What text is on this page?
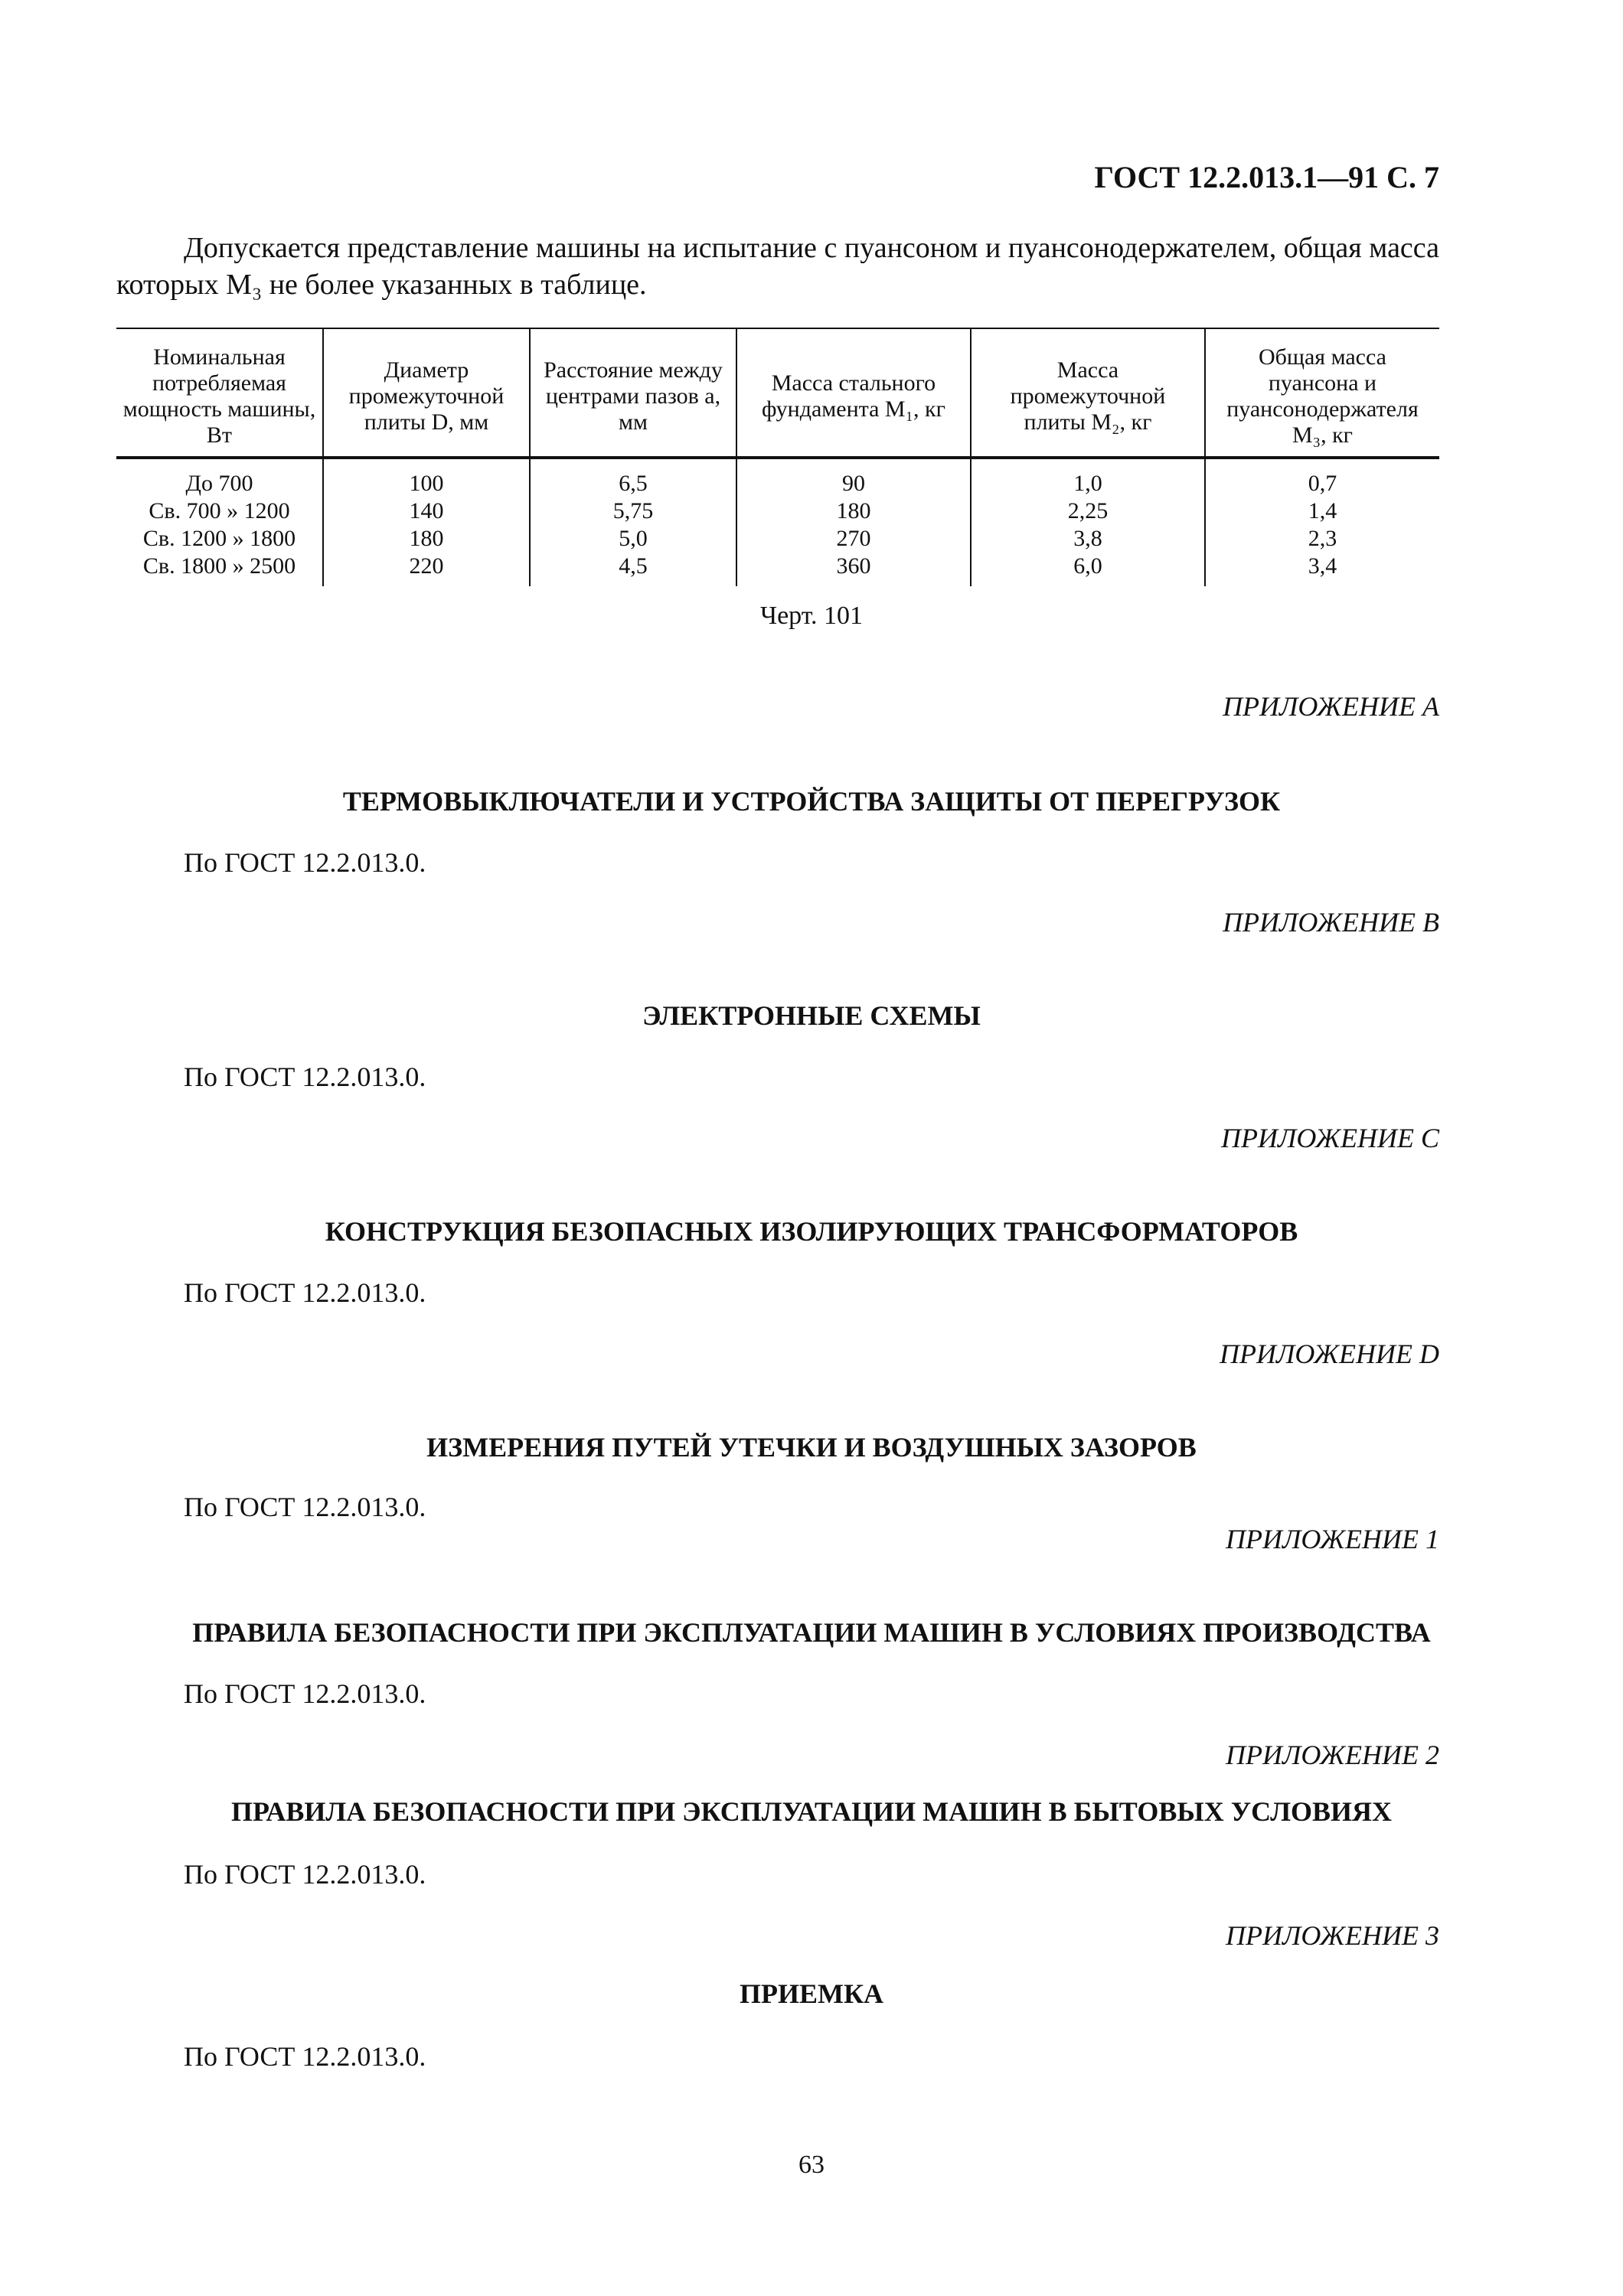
ГОСТ 12.2.013.1—91 С. 7

Допускается представление машины на испытание с пуансоном и пуансонодержателем, общая масса которых M₃ не более указанных в таблице.

Номинальная потребляемая мощность машины, Вт	Диаметр промежуточной плиты D, мм	Расстояние между центрами пазов a, мм	Масса стального фундамента M₁, кг	Масса промежуточной плиты M₂, кг	Общая масса пуансона и пуансонодержателя M₃, кг
До 700	100	6,5	90	1,0	0,7
Св. 700 » 1200	140	5,75	180	2,25	1,4
Св. 1200 » 1800	180	5,0	270	3,8	2,3
Св. 1800 » 2500	220	4,5	360	6,0	3,4
Черт. 101
ПРИЛОЖЕНИЕ A
ТЕРМОВЫКЛЮЧАТЕЛИ И УСТРОЙСТВА ЗАЩИТЫ ОТ ПЕРЕГРУЗОК
По ГОСТ 12.2.013.0.
ПРИЛОЖЕНИЕ B
ЭЛЕКТРОННЫЕ СХЕМЫ
По ГОСТ 12.2.013.0.
ПРИЛОЖЕНИЕ C
КОНСТРУКЦИЯ БЕЗОПАСНЫХ ИЗОЛИРУЮЩИХ ТРАНСФОРМАТОРОВ
По ГОСТ 12.2.013.0.
ПРИЛОЖЕНИЕ D
ИЗМЕРЕНИЯ ПУТЕЙ УТЕЧКИ И ВОЗДУШНЫХ ЗАЗОРОВ
По ГОСТ 12.2.013.0.
ПРИЛОЖЕНИЕ 1
ПРАВИЛА БЕЗОПАСНОСТИ ПРИ ЭКСПЛУАТАЦИИ МАШИН В УСЛОВИЯХ ПРОИЗВОДСТВА
По ГОСТ 12.2.013.0.
ПРИЛОЖЕНИЕ 2
ПРАВИЛА БЕЗОПАСНОСТИ ПРИ ЭКСПЛУАТАЦИИ МАШИН В БЫТОВЫХ УСЛОВИЯХ
По ГОСТ 12.2.013.0.
ПРИЛОЖЕНИЕ 3
ПРИЕМКА
По ГОСТ 12.2.013.0.
63
